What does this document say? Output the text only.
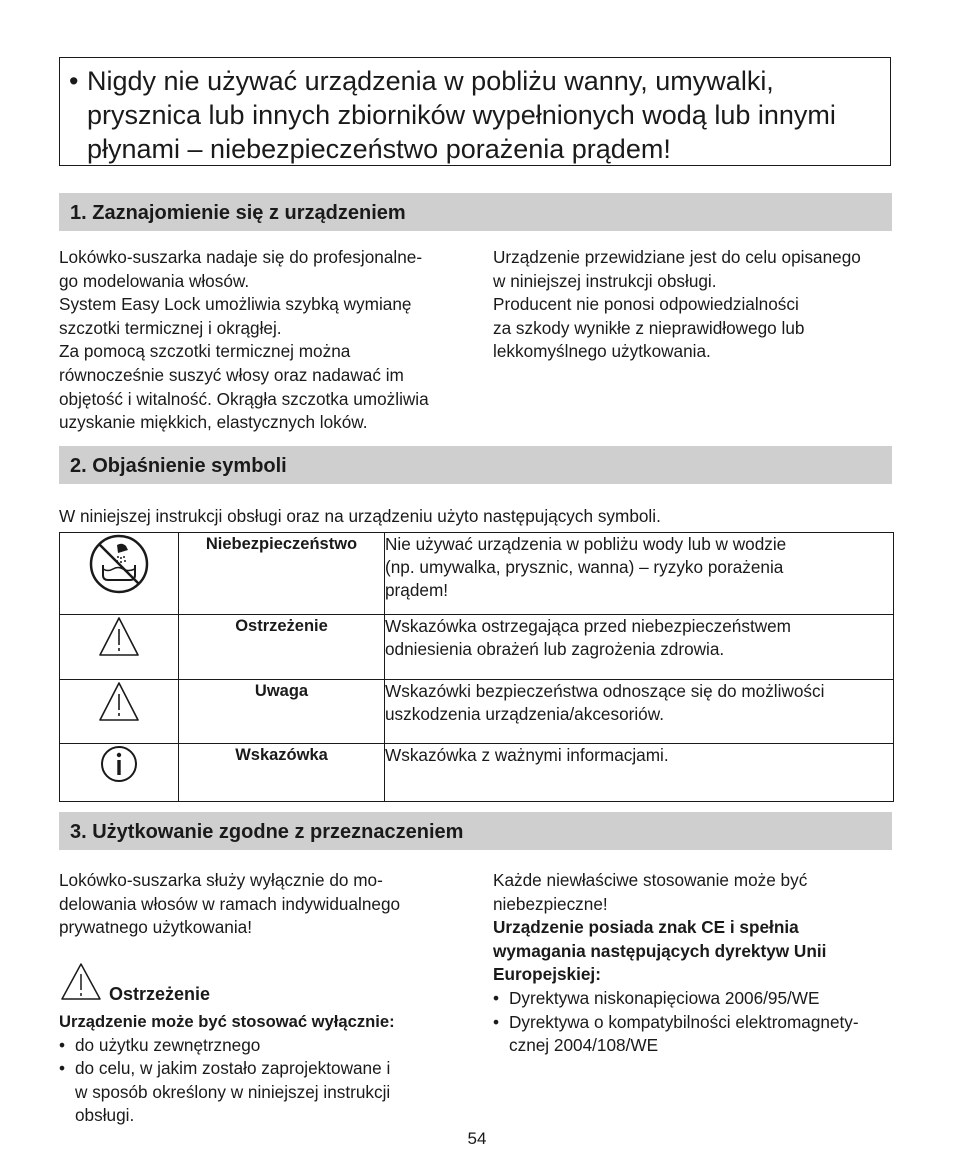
• Nigdy nie używać urządzenia w pobliżu wanny, umywalki, prysznica lub innych zbiorników wypełnionych wodą lub innymi płynami – niebezpieczeństwo porażenia prądem!
1. Zaznajomienie się z urządzeniem

Lokówko-suszarka nadaje się do profesjonalne-

go modelowania włosów.

System Easy Lock umożliwia szybką wymianę

szczotki termicznej i okrągłej.

Za pomocą szczotki termicznej można

równocześnie suszyć włosy oraz nadawać im

objętość i witalność. Okrągła szczotka umożliwia

uzyskanie miękkich, elastycznych loków.

Urządzenie przewidziane jest do celu opisanego

w niniejszej instrukcji obsługi.

Producent nie ponosi odpowiedzialności

za szkody wynikłe z nieprawidłowego lub

lekkomyślnego użytkowania.

2. Objaśnienie symboli
W niniejszej instrukcji obsługi oraz na urządzeniu użyto następujących symboli.
	Niebezpieczeństwo	Nie używać urządzenia w pobliżu wody lub w wodzie
(np. umywalka, prysznic, wanna) – ryzyko porażenia
prądem!

	Ostrzeżenie	Wskazówka ostrzegająca przed niebezpieczeństwem
odniesienia obrażeń lub zagrożenia zdrowia.

	Uwaga	Wskazówki bezpieczeństwa odnoszące się do możliwości
uszkodzenia urządzenia/akcesoriów.

	Wskazówka	Wskazówka z ważnymi informacjami.
3. Użytkowanie zgodne z przeznaczeniem

Lokówko-suszarka służy wyłącznie do mo-

delowania włosów w ramach indywidualnego

prywatnego użytkowania!

Ostrzeżenie

Urządzenie może być stosować wyłącznie:

• do użytku zewnętrznego
• do celu, w jakim zostało zaprojektowane i
w sposób określony w niniejszej instrukcji
obsługi.

Każde niewłaściwe stosowanie może być

niebezpieczne!

Urządzenie posiada znak CE i spełnia

wymagania następujących dyrektyw Unii

Europejskiej:

• Dyrektywa niskonapięciowa 2006/95/WE
• Dyrektywa o kompatybilności elektromagnety-
cznej 2004/108/WE
54
